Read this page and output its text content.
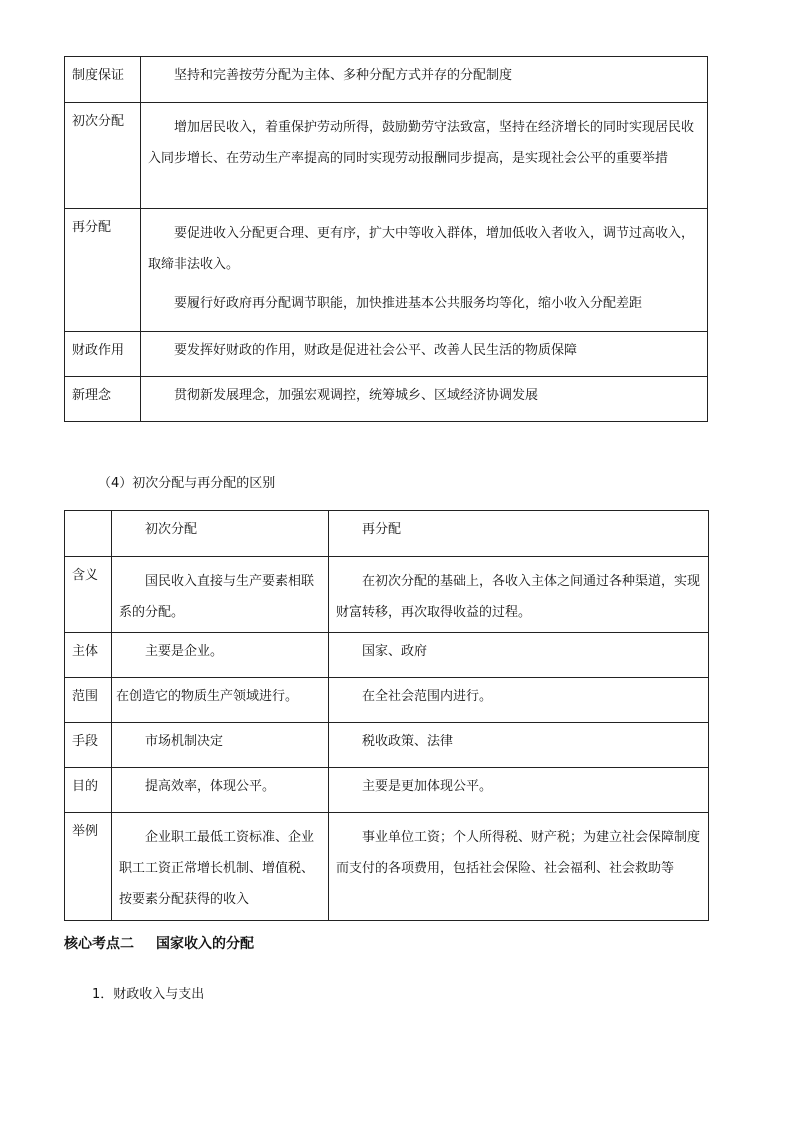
制度保证	坚持和完善按劳分配为主体、多种分配方式并存的分配制度

初次分配	增加居民收入，着重保护劳动所得，鼓励勤劳守法致富，坚持在经济增长的同时实现居民收入同步增长、在劳动生产率提高的同时实现劳动报酬同步提高，是实现社会公平的重要举措

再分配	要促进收入分配更合理、更有序，扩大中等收入群体，增加低收入者收入，调节过高收入，取缔非法收入。

要履行好政府再分配调节职能，加快推进基本公共服务均等化，缩小收入分配差距

财政作用	要发挥好财政的作用，财政是促进社会公平、改善人民生活的物质保障

新理念	贯彻新发展理念，加强宏观调控，统筹城乡、区域经济协调发展

（4）初次分配与再分配的区别

	初次分配	再分配

含义	国民收入直接与生产要素相联系的分配。	在初次分配的基础上，各收入主体之间通过各种渠道，实现财富转移，再次取得收益的过程。

主体	主要是企业。	国家、政府

范围	在创造它的物质生产领域进行。	在全社会范围内进行。

手段	市场机制决定	税收政策、法律

目的	提高效率，体现公平。	主要是更加体现公平。

举例	企业职工最低工资标准、企业职工工资正常增长机制、增值税、按要素分配获得的收入	事业单位工资；个人所得税、财产税；为建立社会保障制度而支付的各项费用，包括社会保险、社会福利、社会救助等

核心考点二 国家收入的分配
1．财政收入与支出
